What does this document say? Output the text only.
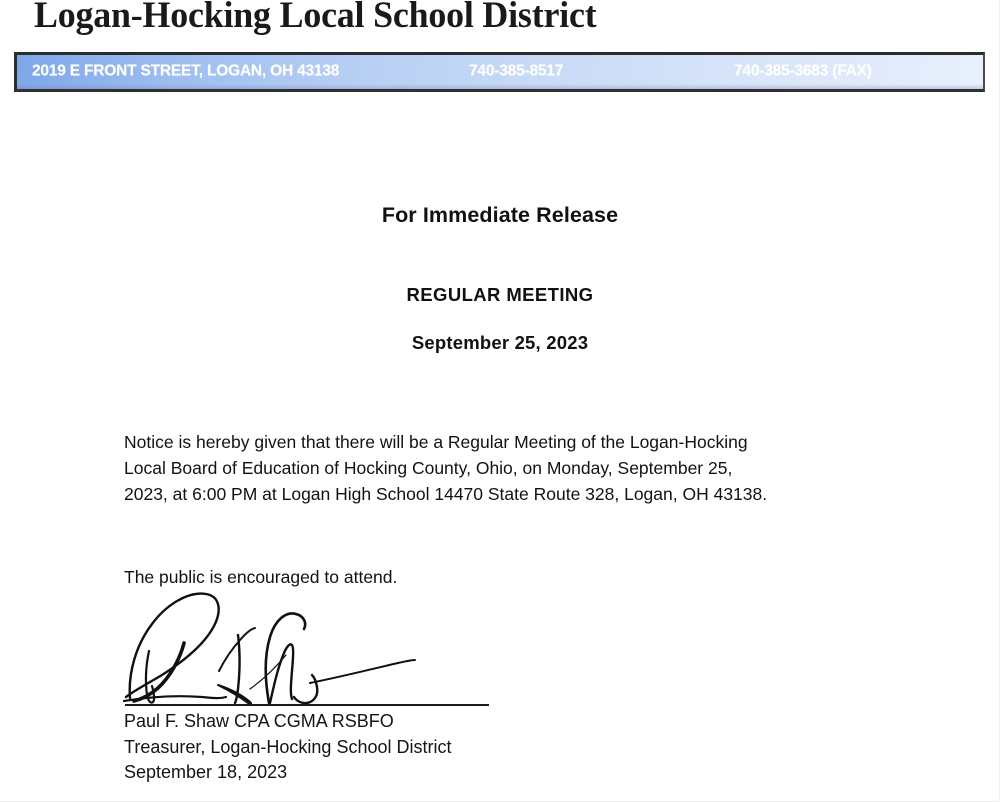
Logan-Hocking Local School District
2019 E FRONT STREET, LOGAN, OH 43138	740-385-8517	740-385-3683 (FAX)
For Immediate Release
REGULAR MEETING
September 25, 2023
Notice is hereby given that there will be a Regular Meeting of the Logan-Hocking
Local Board of Education of Hocking County, Ohio, on Monday, September 25,
2023, at 6:00 PM at Logan High School 14470 State Route 328, Logan, OH 43138.
The public is encouraged to attend.
Paul F. Shaw CPA CGMA RSBFO
Treasurer, Logan-Hocking School District
September 18, 2023
